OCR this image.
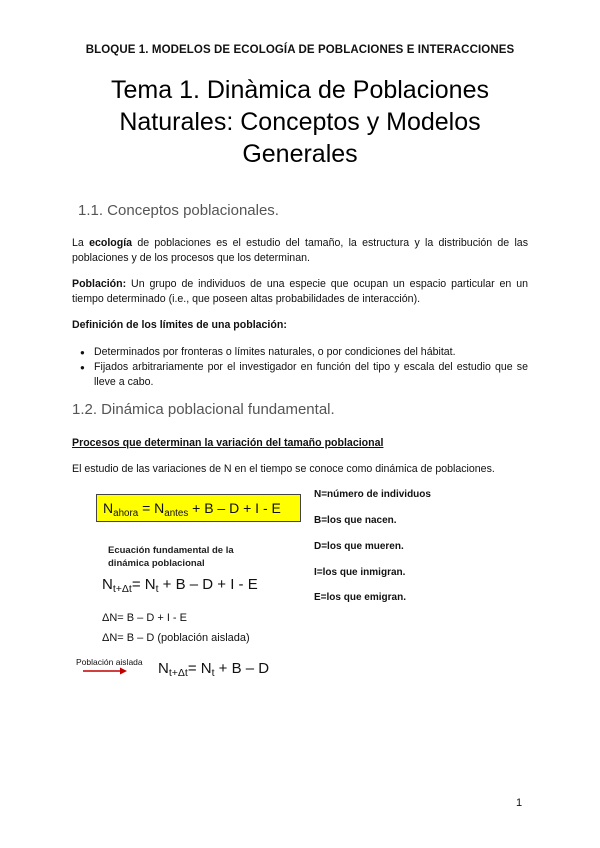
BLOQUE 1. MODELOS DE ECOLOGÍA DE POBLACIONES E INTERACCIONES
Tema 1. Dinàmica de Poblaciones Naturales: Conceptos y Modelos Generales
1.1. Conceptos poblacionales.
La ecología de poblaciones es el estudio del tamaño, la estructura y la distribución de las poblaciones y de los procesos que los determinan.
Población: Un grupo de individuos de una especie que ocupan un espacio particular en un tiempo determinado (i.e., que poseen altas probabilidades de interacción).
Definición de los límites de una población:
● Determinados por fronteras o límites naturales, o por condiciones del hábitat.
● Fijados arbitrariamente por el investigador en función del tipo y escala del estudio que se lleve a cabo.
1.2. Dinámica poblacional fundamental.
Procesos que determinan la variación del tamaño poblacional
El estudio de las variaciones de N en el tiempo se conoce como dinámica de poblaciones.
$N_{ahora} = N_{antes} + B - D + I - E$
N=número de individuos
B=los que nacen.
D=los que mueren.
I=los que inmigran.
E=los que emigran.
Ecuación fundamental de la
dinámica poblacional
$N_{t+\Delta t}= N_t + B - D + I - E$
ΔN= B – D + I - E
ΔN= B – D (población aislada)
Población aislada $N_{t+\Delta t}= N_t + B - D$
1
